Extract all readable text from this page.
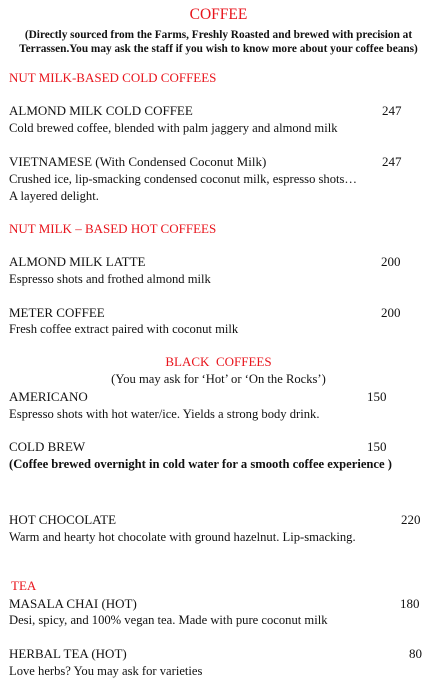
COFFEE
(Directly sourced from the Farms, Freshly Roasted and brewed with precision at
Terrassen.You may ask the staff if you wish to know more about your coffee beans)
NUT MILK-BASED COLD COFFEES
ALMOND MILK COLD COFFEE	247
Cold brewed coffee, blended with palm jaggery and almond milk
VIETNAMESE (With Condensed Coconut Milk)	247
Crushed ice, lip-smacking condensed coconut milk, espresso shots…
A layered delight.
NUT MILK – BASED HOT COFFEES
ALMOND MILK LATTE	200
Espresso shots and frothed almond milk
METER COFFEE	200
Fresh coffee extract paired with coconut milk
BLACK  COFFEES
(You may ask for ‘Hot’ or ‘On the Rocks’)
AMERICANO	150
Espresso shots with hot water/ice. Yields a strong body drink.
COLD BREW	150
(Coffee brewed overnight in cold water for a smooth coffee experience )
HOT CHOCOLATE	220
Warm and hearty hot chocolate with ground hazelnut. Lip-smacking.
TEA
MASALA CHAI (HOT)	180
Desi, spicy, and 100% vegan tea. Made with pure coconut milk
HERBAL TEA (HOT)	80
Love herbs? You may ask for varieties
